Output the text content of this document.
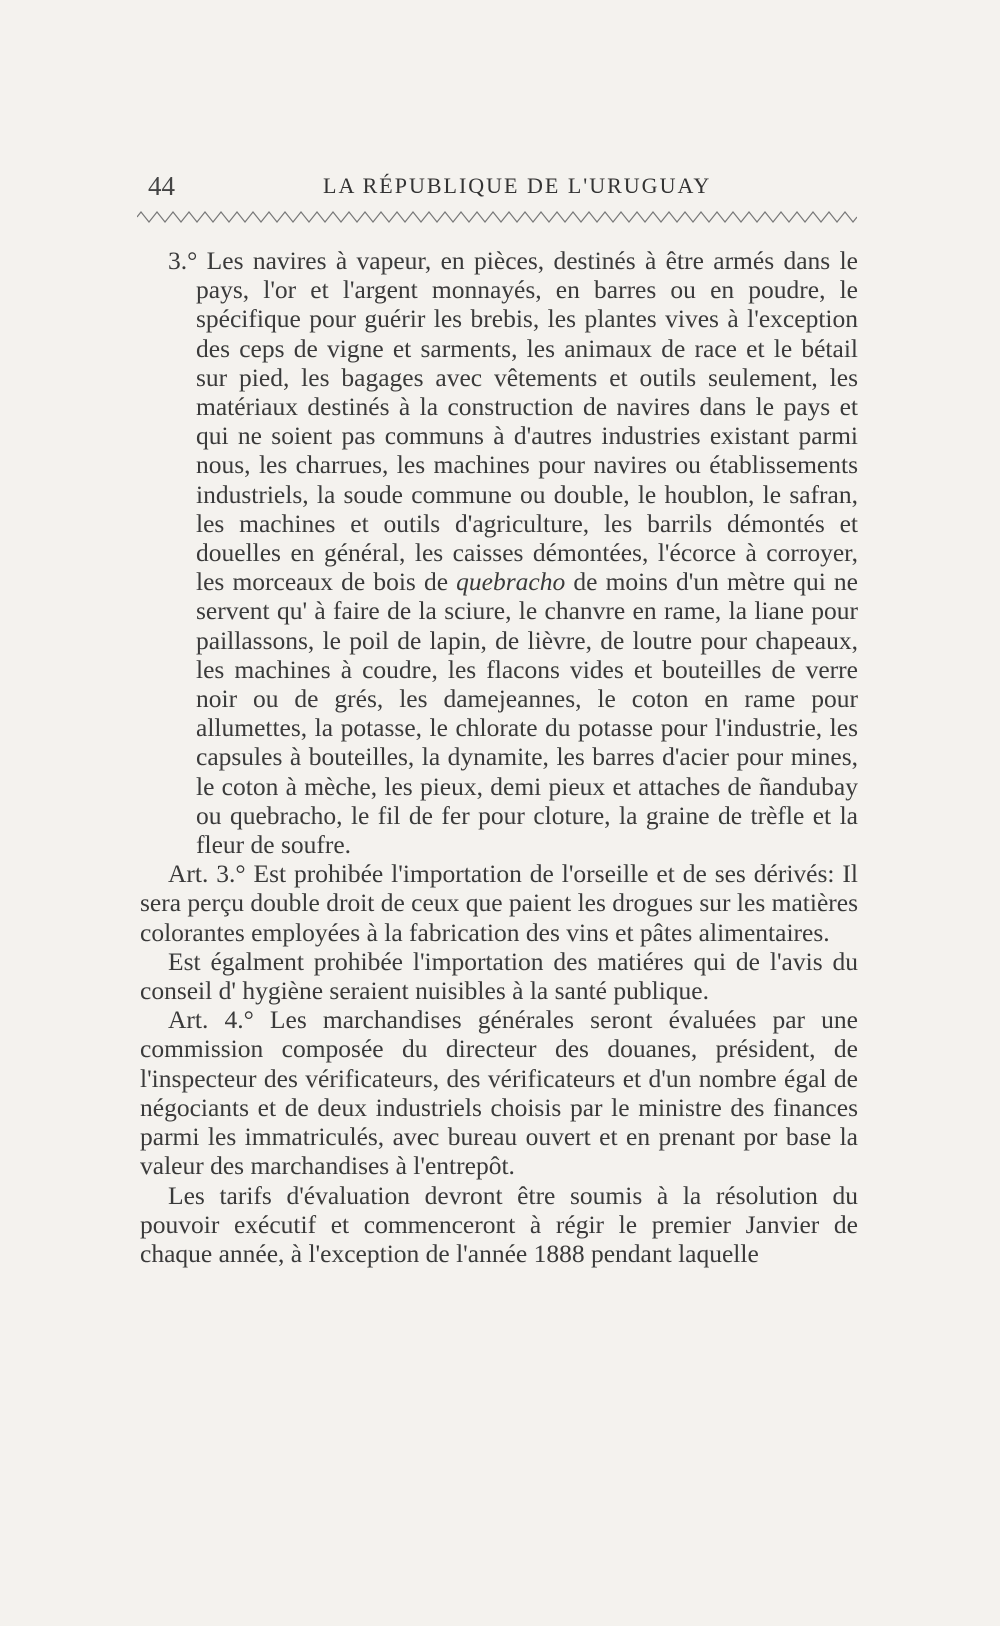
44	LA RÉPUBLIQUE DE L'URUGUAY

3.° Les navires à vapeur, en pièces, destinés à être armés dans le pays, l'or et l'argent monnayés, en barres ou en poudre, le spécifique pour guérir les brebis, les plantes vives à l'exception des ceps de vigne et sarments, les animaux de race et le bétail sur pied, les bagages avec vêtements et outils seulement, les matériaux destinés à la construction de navires dans le pays et qui ne soient pas communs à d'autres industries existant parmi nous, les charrues, les machines pour navires ou établissements industriels, la soude commune ou double, le houblon, le safran, les machines et outils d'agriculture, les barrils démontés et douelles en général, les caisses démontées, l'écorce à corroyer, les morceaux de bois de quebracho de moins d'un mètre qui ne servent qu' à faire de la sciure, le chanvre en rame, la liane pour paillassons, le poil de lapin, de lièvre, de loutre pour chapeaux, les machines à coudre, les flacons vides et bouteilles de verre noir ou de grés, les damejeannes, le coton en rame pour allumettes, la potasse, le chlorate du potasse pour l'industrie, les capsules à bouteilles, la dynamite, les barres d'acier pour mines, le coton à mèche, les pieux, demi pieux et attaches de ñandubay ou quebracho, le fil de fer pour cloture, la graine de trèfle et la fleur de soufre.

Art. 3.° Est prohibée l'importation de l'orseille et de ses dérivés: Il sera perçu double droit de ceux que paient les drogues sur les matières colorantes employées à la fabrication des vins et pâtes alimentaires.

Est égalment prohibée l'importation des matiéres qui de l'avis du conseil d' hygiène seraient nuisibles à la santé publique.

Art. 4.° Les marchandises générales seront évaluées par une commission composée du directeur des douanes, président, de l'inspecteur des vérificateurs, des vérificateurs et d'un nombre égal de négociants et de deux industriels choisis par le ministre des finances parmi les immatriculés, avec bureau ouvert et en prenant por base la valeur des marchandises à l'entrepôt.

Les tarifs d'évaluation devront être soumis à la résolution du pouvoir exécutif et commenceront à régir le premier Janvier de chaque année, à l'exception de l'année 1888 pendant laquelle
